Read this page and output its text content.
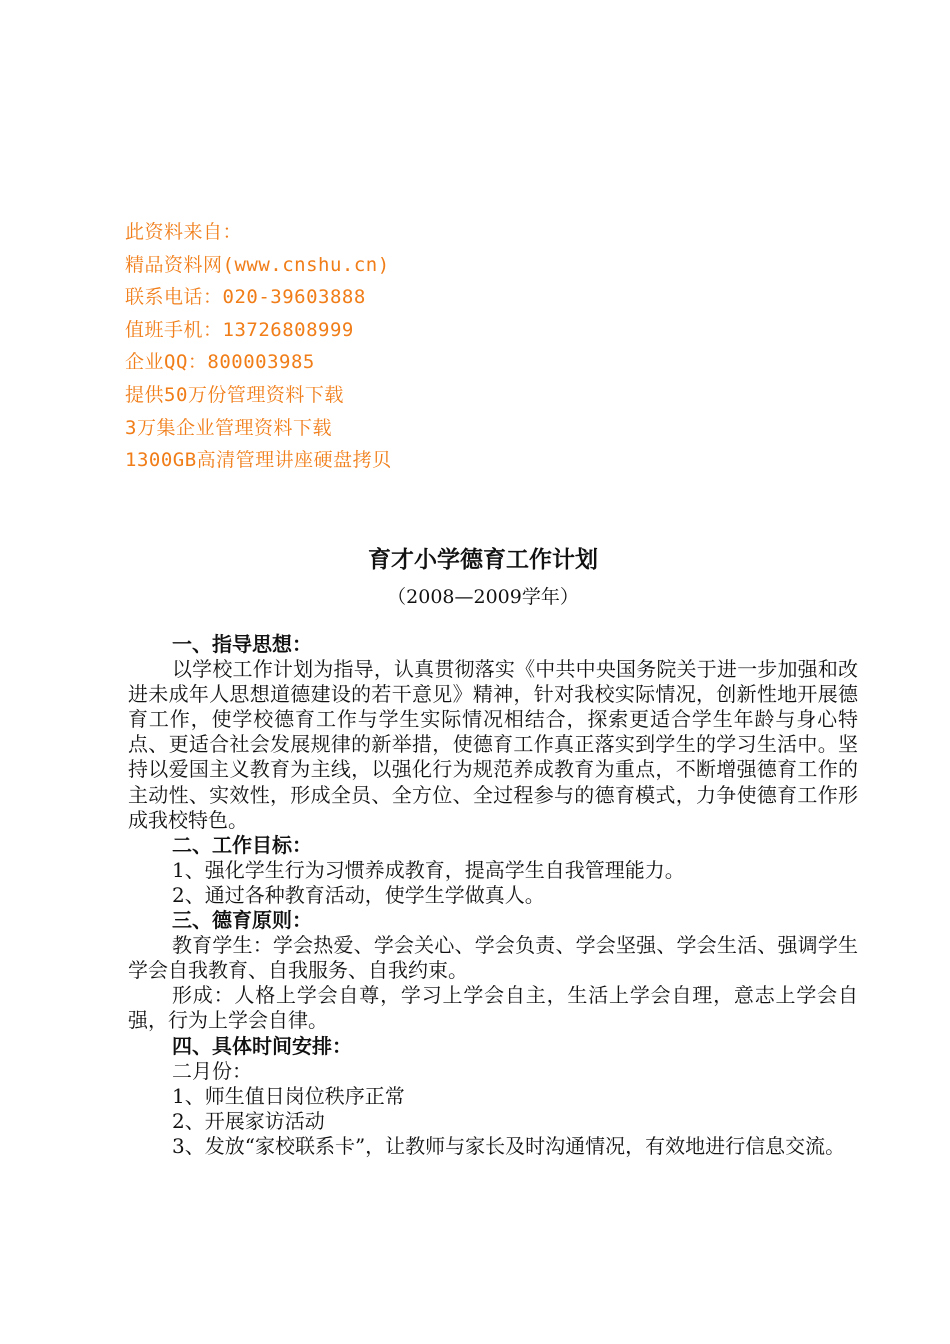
此资料来自：
精品资料网(www.cnshu.cn)
联系电话：020-39603888
值班手机：13726808999
企业QQ：800003985
提供50万份管理资料下载
3万集企业管理资料下载
1300GB高清管理讲座硬盘拷贝
育才小学德育工作计划
（2008—2009学年）

一、指导思想：

以学校工作计划为指导，认真贯彻落实《中共中央国务院关于进一步加强和改进未成年人思想道德建设的若干意见》精神，针对我校实际情况，创新性地开展德育工作，使学校德育工作与学生实际情况相结合，探索更适合学生年龄与身心特点、更适合社会发展规律的新举措，使德育工作真正落实到学生的学习生活中。坚持以爱国主义教育为主线，以强化行为规范养成教育为重点，不断增强德育工作的主动性、实效性，形成全员、全方位、全过程参与的德育模式，力争使德育工作形成我校特色。

二、工作目标：

1、强化学生行为习惯养成教育，提高学生自我管理能力。

2、通过各种教育活动，使学生学做真人。

三、德育原则：

教育学生：学会热爱、学会关心、学会负责、学会坚强、学会生活、强调学生学会自我教育、自我服务、自我约束。

形成：人格上学会自尊，学习上学会自主，生活上学会自理，意志上学会自强，行为上学会自律。

四、具体时间安排：

二月份：

1、师生值日岗位秩序正常

2、开展家访活动

3、发放“家校联系卡”，让教师与家长及时沟通情况，有效地进行信息交流。
